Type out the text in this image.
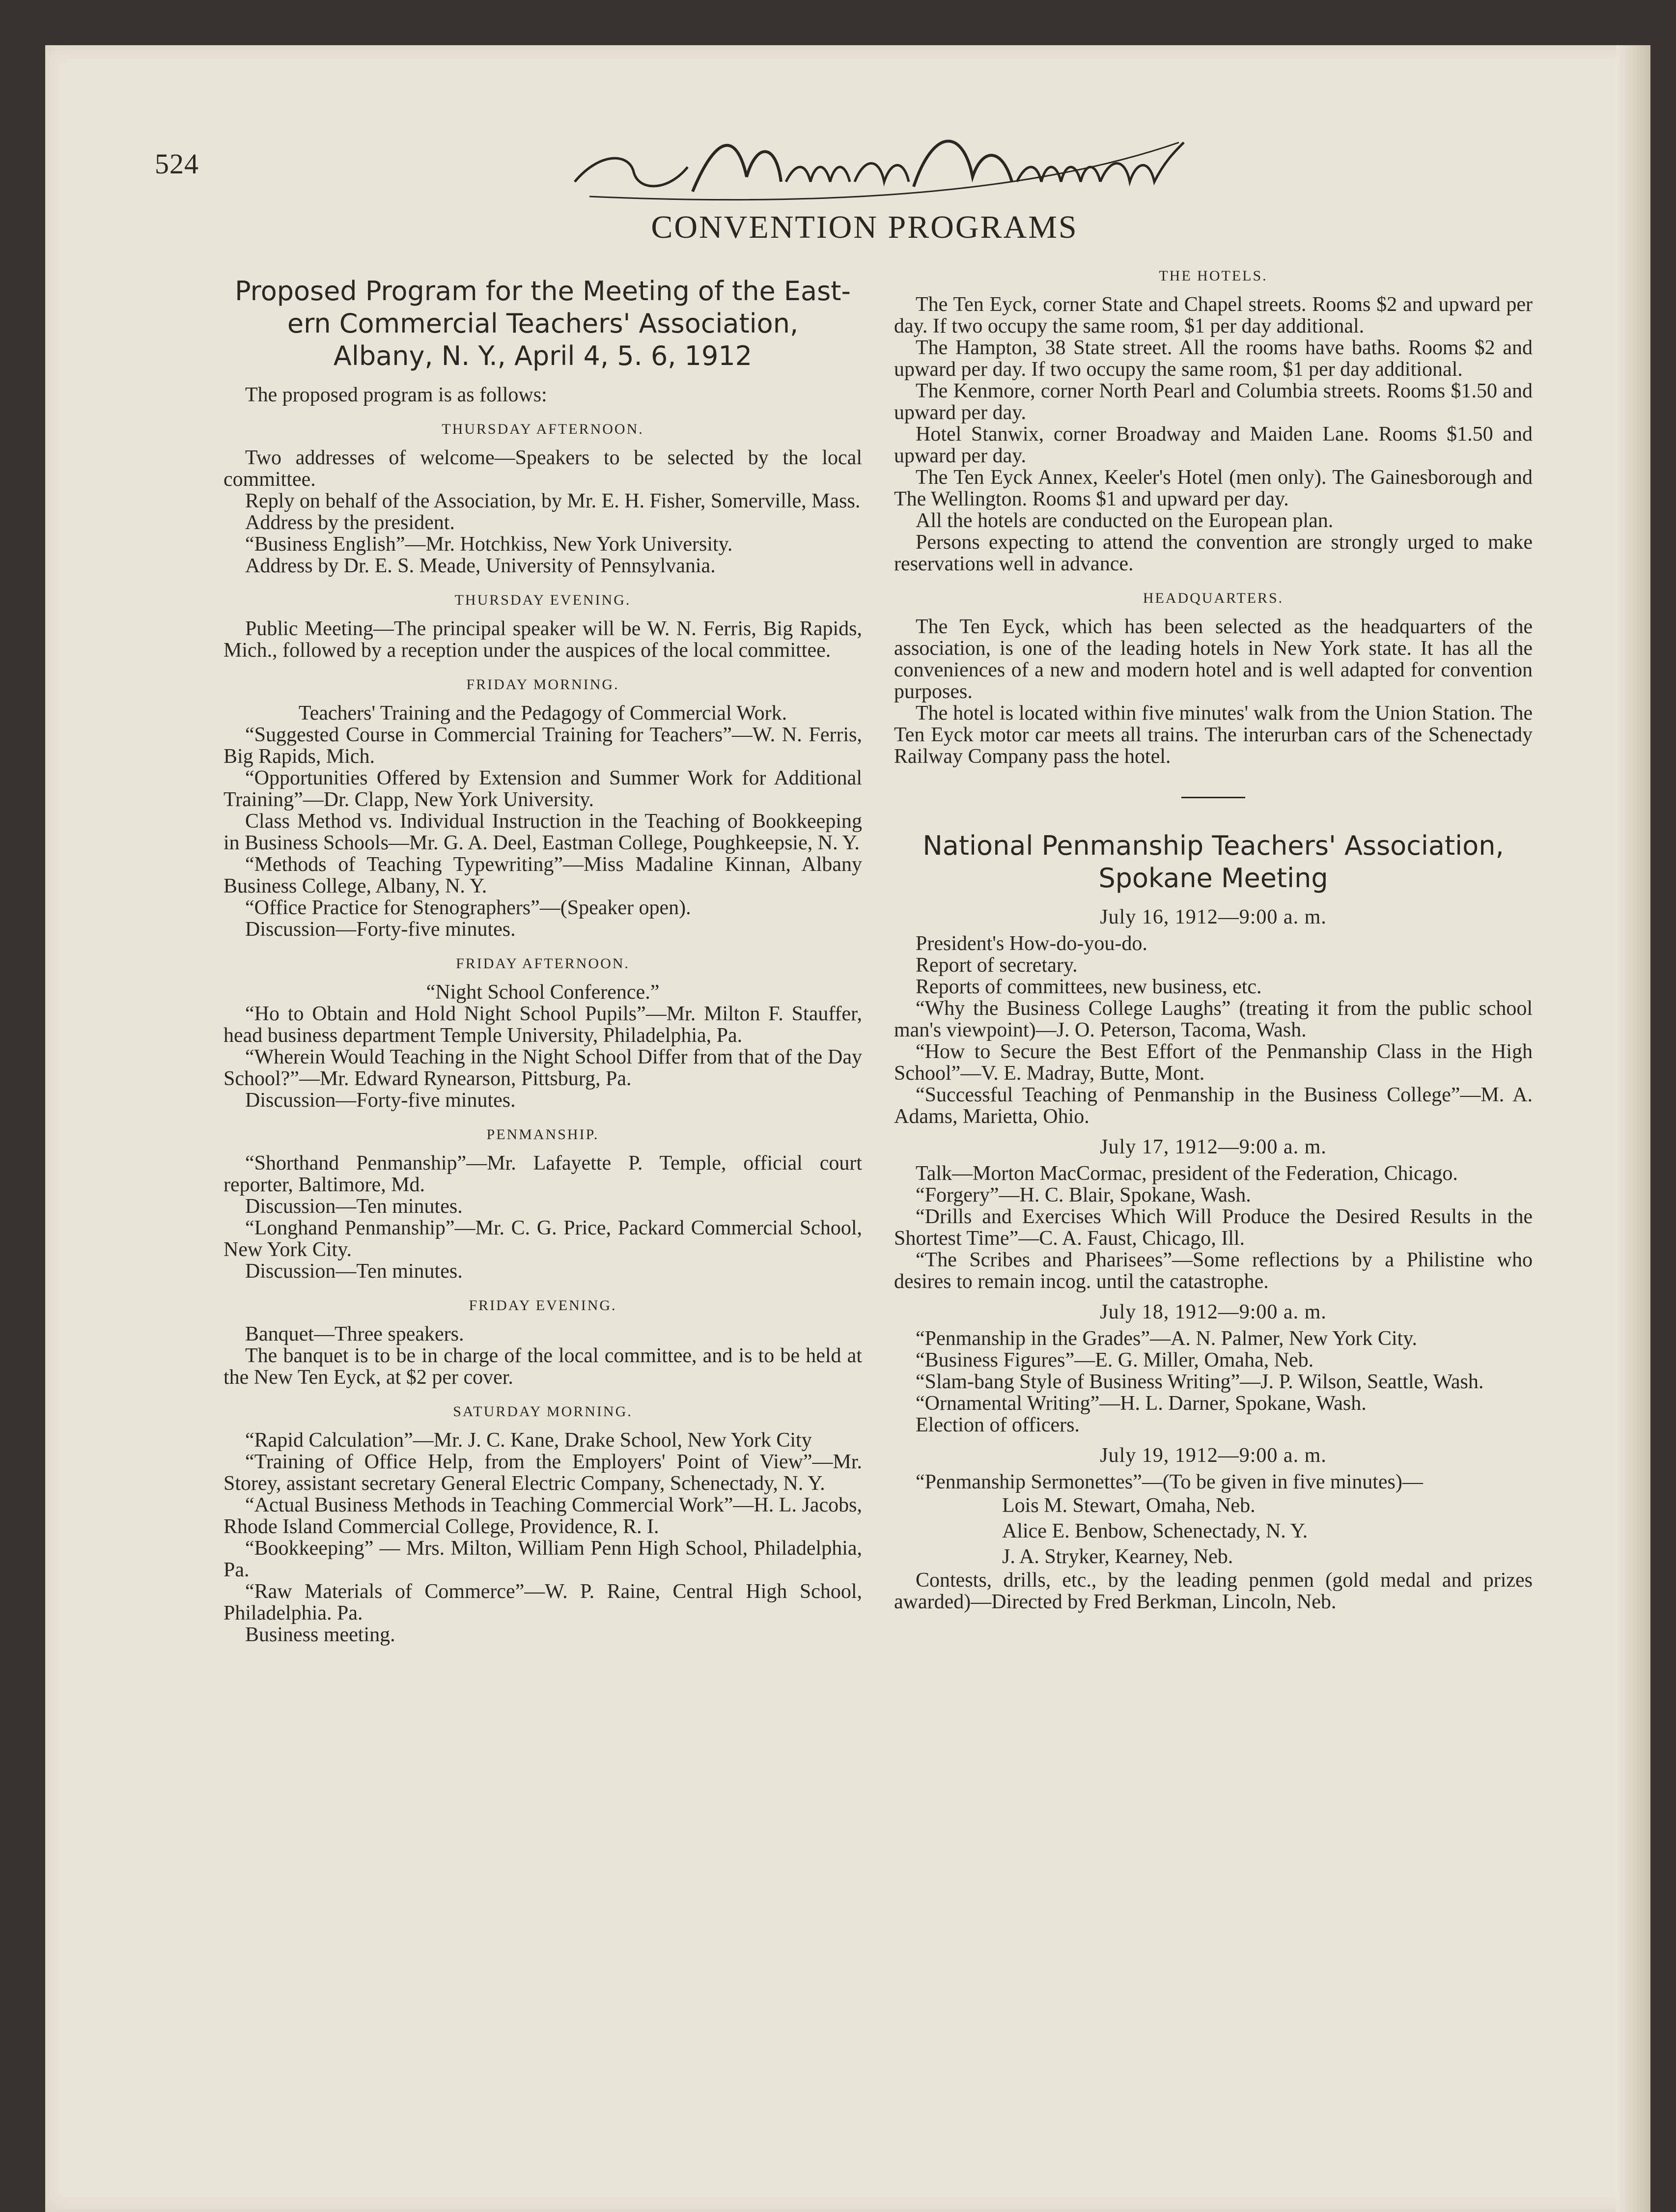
524
CONVENTION PROGRAMS
Proposed Program for the Meeting of the East-
ern Commercial Teachers' Association,
Albany, N. Y., April 4, 5. 6, 1912

The proposed program is as follows:

THURSDAY AFTERNOON.

Two addresses of welcome—Speakers to be selected by the local committee.

Reply on behalf of the Association, by Mr. E. H. Fisher, Somerville, Mass.

Address by the president.

“Business English”—Mr. Hotchkiss, New York University.

Address by Dr. E. S. Meade, University of Pennsylvania.

THURSDAY EVENING.

Public Meeting—The principal speaker will be W. N. Ferris, Big Rapids, Mich., followed by a reception under the auspices of the local committee.

FRIDAY MORNING.

Teachers' Training and the Pedagogy of Commercial Work.

“Suggested Course in Commercial Training for Teachers”—W. N. Ferris, Big Rapids, Mich.

“Opportunities Offered by Extension and Summer Work for Additional Training”—Dr. Clapp, New York University.

Class Method vs. Individual Instruction in the Teaching of Bookkeeping in Business Schools—Mr. G. A. Deel, Eastman College, Poughkeepsie, N. Y.

“Methods of Teaching Typewriting”—Miss Madaline Kinnan, Albany Business College, Albany, N. Y.

“Office Practice for Stenographers”—(Speaker open).

Discussion—Forty-five minutes.

FRIDAY AFTERNOON.

“Night School Conference.”

“Ho to Obtain and Hold Night School Pupils”—Mr. Milton F. Stauffer, head business department Temple University, Philadelphia, Pa.

“Wherein Would Teaching in the Night School Differ from that of the Day School?”—Mr. Edward Rynearson, Pittsburg, Pa.

Discussion—Forty-five minutes.

PENMANSHIP.

“Shorthand Penmanship”—Mr. Lafayette P. Temple, official court reporter, Baltimore, Md.

Discussion—Ten minutes.

“Longhand Penmanship”—Mr. C. G. Price, Packard Commercial School, New York City.

Discussion—Ten minutes.

FRIDAY EVENING.

Banquet—Three speakers.

The banquet is to be in charge of the local committee, and is to be held at the New Ten Eyck, at $2 per cover.

SATURDAY MORNING.

“Rapid Calculation”—Mr. J. C. Kane, Drake School, New York City

“Training of Office Help, from the Employers' Point of View”—Mr. Storey, assistant secretary General Electric Company, Schenectady, N. Y.

“Actual Business Methods in Teaching Commercial Work”—H. L. Jacobs, Rhode Island Commercial College, Providence, R. I.

“Bookkeeping” — Mrs. Milton, William Penn High School, Philadelphia, Pa.

“Raw Materials of Commerce”—W. P. Raine, Central High School, Philadelphia. Pa.

Business meeting.

THE HOTELS.

The Ten Eyck, corner State and Chapel streets. Rooms $2 and upward per day. If two occupy the same room, $1 per day additional.

The Hampton, 38 State street. All the rooms have baths. Rooms $2 and upward per day. If two occupy the same room, $1 per day additional.

The Kenmore, corner North Pearl and Columbia streets. Rooms $1.50 and upward per day.

Hotel Stanwix, corner Broadway and Maiden Lane. Rooms $1.50 and upward per day.

The Ten Eyck Annex, Keeler's Hotel (men only). The Gainesborough and The Wellington. Rooms $1 and upward per day.

All the hotels are conducted on the European plan.

Persons expecting to attend the convention are strongly urged to make reservations well in advance.

HEADQUARTERS.

The Ten Eyck, which has been selected as the headquarters of the association, is one of the leading hotels in New York state. It has all the conveniences of a new and modern hotel and is well adapted for convention purposes.

The hotel is located within five minutes' walk from the Union Station. The Ten Eyck motor car meets all trains. The interurban cars of the Schenectady Railway Company pass the hotel.

National Penmanship Teachers' Association,
Spokane Meeting
July 16, 1912—9:00 a. m.

President's How-do-you-do.

Report of secretary.

Reports of committees, new business, etc.

“Why the Business College Laughs” (treating it from the public school man's viewpoint)—J. O. Peterson, Tacoma, Wash.

“How to Secure the Best Effort of the Penmanship Class in the High School”—V. E. Madray, Butte, Mont.

“Successful Teaching of Penmanship in the Business College”—M. A. Adams, Marietta, Ohio.

July 17, 1912—9:00 a. m.

Talk—Morton MacCormac, president of the Federation, Chicago.

“Forgery”—H. C. Blair, Spokane, Wash.

“Drills and Exercises Which Will Produce the Desired Results in the Shortest Time”—C. A. Faust, Chicago, Ill.

“The Scribes and Pharisees”—Some reflections by a Philistine who desires to remain incog. until the catastrophe.

July 18, 1912—9:00 a. m.

“Penmanship in the Grades”—A. N. Palmer, New York City.

“Business Figures”—E. G. Miller, Omaha, Neb.

“Slam-bang Style of Business Writing”—J. P. Wilson, Seattle, Wash.

“Ornamental Writing”—H. L. Darner, Spokane, Wash.

Election of officers.

July 19, 1912—9:00 a. m.

“Penmanship Sermonettes”—(To be given in five minutes)—

Lois M. Stewart, Omaha, Neb.
Alice E. Benbow, Schenectady, N. Y.
J. A. Stryker, Kearney, Neb.

Contests, drills, etc., by the leading penmen (gold medal and prizes awarded)—Directed by Fred Berkman, Lincoln, Neb.
